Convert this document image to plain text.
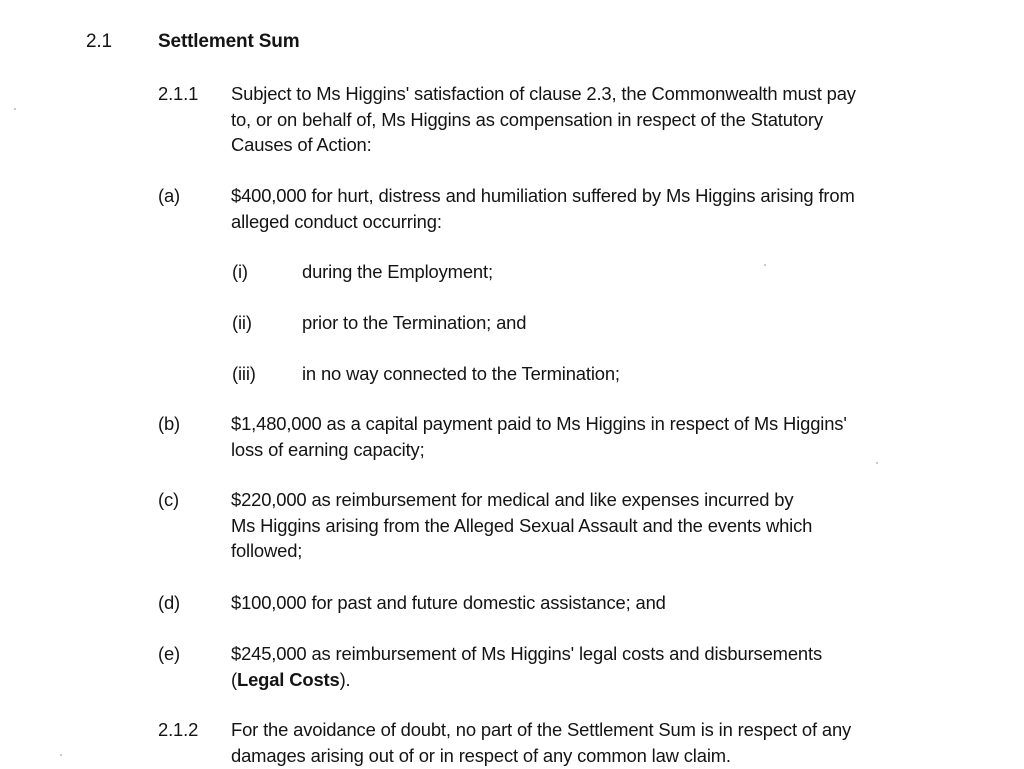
2.1 Settlement Sum
2.1.1 Subject to Ms Higgins' satisfaction of clause 2.3, the Commonwealth must pay
to, or on behalf of, Ms Higgins as compensation in respect of the Statutory
Causes of Action:
(a)	$400,000 for hurt, distress and humiliation suffered by Ms Higgins arising from
alleged conduct occurring:
(i)	during the Employment;
(ii)	prior to the Termination; and
(iii)	in no way connected to the Termination;
(b)	$1,480,000 as a capital payment paid to Ms Higgins in respect of Ms Higgins'
loss of earning capacity;
(c)	$220,000 as reimbursement for medical and like expenses incurred by
Ms Higgins arising from the Alleged Sexual Assault and the events which
followed;
(d)	$100,000 for past and future domestic assistance; and
(e)	$245,000 as reimbursement of Ms Higgins' legal costs and disbursements
(Legal Costs).
2.1.2 For the avoidance of doubt, no part of the Settlement Sum is in respect of any
damages arising out of or in respect of any common law claim.
